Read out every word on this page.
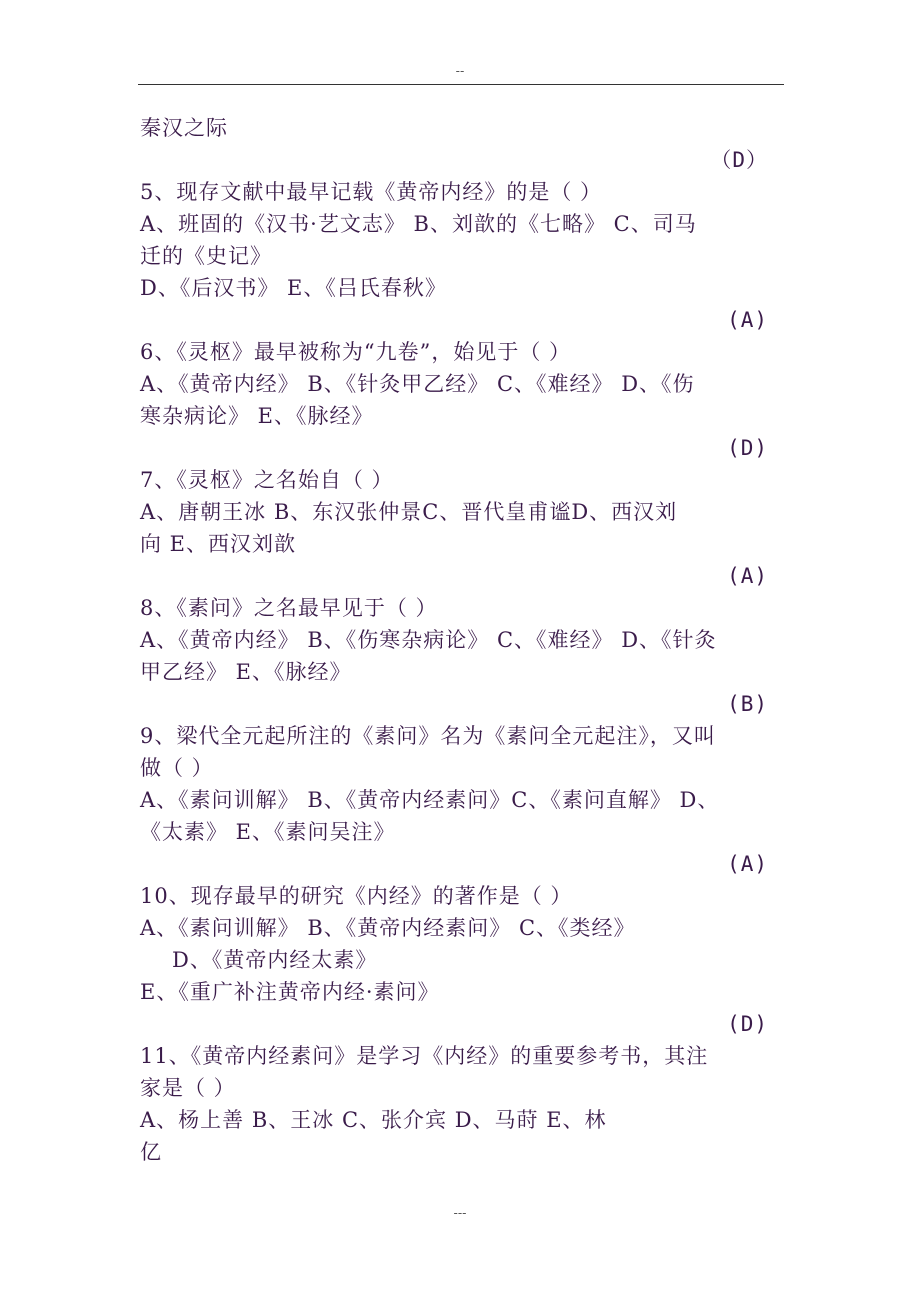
--
秦汉之际
（D）
5、现存文献中最早记载《黄帝内经》的是（ ）
A、班固的《汉书·艺文志》 B、刘歆的《七略》 C、司马
迁的《史记》
D、《后汉书》 E、《吕氏春秋》
(A)
6、《灵枢》最早被称为“九卷”，始见于（ ）
A、《黄帝内经》 B、《针灸甲乙经》 C、《难经》 D、《伤
寒杂病论》 E、《脉经》
(D)
7、《灵枢》之名始自（ ）
A、唐朝王冰 B、东汉张仲景C、晋代皇甫谧D、西汉刘
向 E、西汉刘歆
(A)
8、《素问》之名最早见于（ ）
A、《黄帝内经》 B、《伤寒杂病论》 C、《难经》 D、《针灸
甲乙经》 E、《脉经》
(B)
9、梁代全元起所注的《素问》名为《素问全元起注》，又叫
做（ ）
A、《素问训解》 B、《黄帝内经素问》C、《素问直解》 D、
《太素》 E、《素问吴注》
(A)
10、现存最早的研究《内经》的著作是（ ）
A、《素问训解》 B、《黄帝内经素问》 C、《类经》
D、《黄帝内经太素》
E、《重广补注黄帝内经·素问》
(D)
11、《黄帝内经素问》是学习《内经》的重要参考书，其注
家是（ ）
A、杨上善 B、王冰 C、张介宾 D、马莳 E、林
亿
---
